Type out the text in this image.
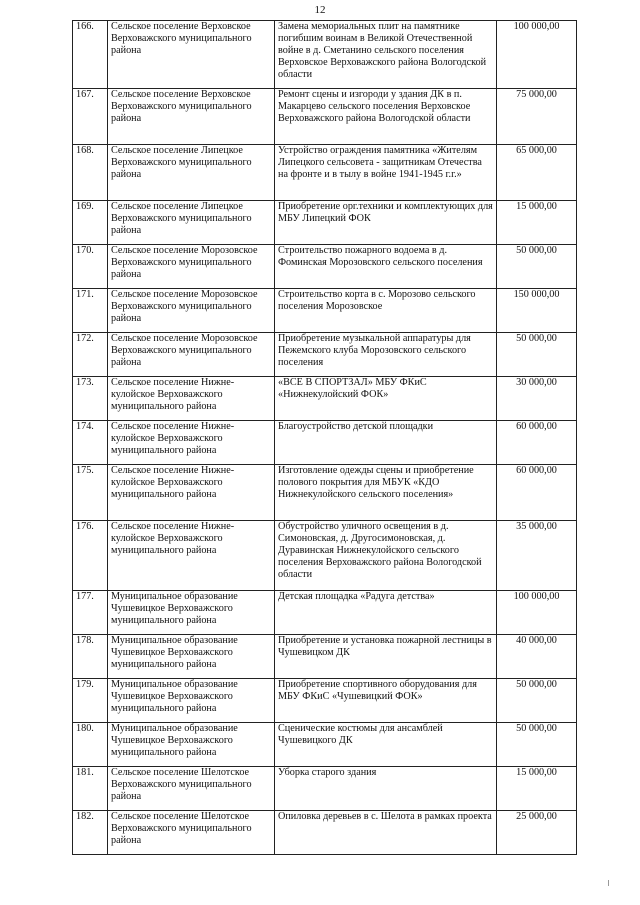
12
166.	Сельское поселение Верховское Верховажского муниципального района	Замена мемориальных плит на памятнике погибшим воинам в Великой Отечественной войне в д. Сметанино сельского поселения Верховское Верховажского района Вологодской области	100 000,00
167.	Сельское поселение Верховское Верховажского муниципального района	Ремонт сцены и изгороди у здания ДК в п. Макарцево сельского поселения Верховское Верховажского района Вологодской области	75 000,00
168.	Сельское поселение Липецкое Верховажского муниципального района	Устройство ограждения памятника «Жителям Липецкого сельсовета - защитникам Отечества на фронте и в тылу в войне 1941-1945 г.г.»	65 000,00
169.	Сельское поселение Липецкое Верховажского муниципального района	Приобретение орг.техники и комплектующих для МБУ Липецкий ФОК	15 000,00
170.	Сельское поселение Морозовское Верховажского муниципального района	Строительство пожарного водоема в д. Фоминская Морозовского сельского поселения	50 000,00
171.	Сельское поселение Морозовское Верховажского муниципального района	Строительство корта в с. Морозово сельского поселения Морозовское	150 000,00
172.	Сельское поселение Морозовское Верховажского муниципального района	Приобретение музыкальной аппаратуры для Пежемского клуба Морозовского сельского поселения	50 000,00
173.	Сельское поселение Нижне-кулойское Верховажского муниципального района	«ВСЕ В СПОРТЗАЛ» МБУ ФКиС «Нижнекулойский ФОК»	30 000,00
174.	Сельское поселение Нижне-кулойское Верховажского муниципального района	Благоустройство детской площадки	60 000,00
175.	Сельское поселение Нижне-кулойское Верховажского муниципального района	Изготовление одежды сцены и приобретение полового покрытия для МБУК «КДО Нижнекулойского сельского поселения»	60 000,00
176.	Сельское поселение Нижне-кулойское Верховажского муниципального района	Обустройство уличного освещения в д. Симоновская, д. Другосимоновская, д. Дуравинская Нижнекулойского сельского поселения Верховажского района Вологодской области	35 000,00
177.	Муниципальное образование Чушевицкое Верховажского муниципального района	Детская площадка «Радуга детства»	100 000,00
178.	Муниципальное образование Чушевицкое Верховажского муниципального района	Приобретение и установка пожарной лестницы в Чушевицком ДК	40 000,00
179.	Муниципальное образование Чушевицкое Верховажского муниципального района	Приобретение спортивного оборудования для МБУ ФКиС «Чушевицкий ФОК»	50 000,00
180.	Муниципальное образование Чушевицкое Верховажского муниципального района	Сценические костюмы для ансамблей Чушевицкого ДК	50 000,00
181.	Сельское поселение Шелотское Верховажского муниципального района	Уборка старого здания	15 000,00
182.	Сельское поселение Шелотское Верховажского муниципального района	Опиловка деревьев в с. Шелота в рамках проекта	25 000,00
